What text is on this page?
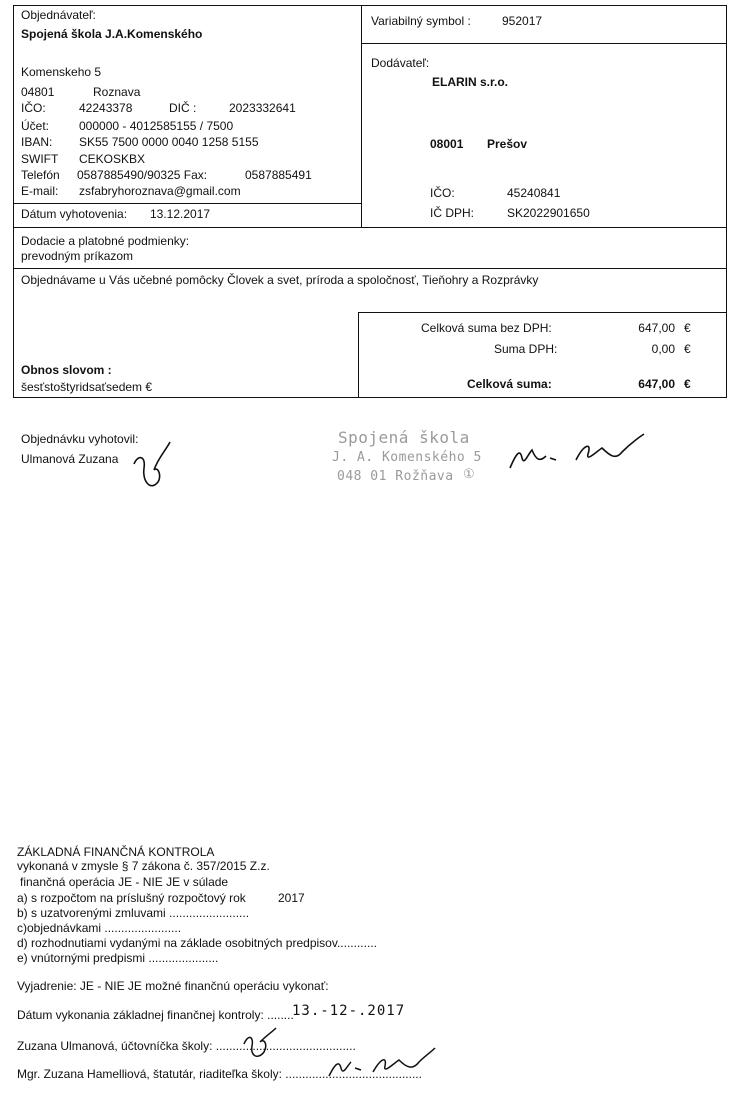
Objednávateľ:
Spojená škola J.A.Komenského
Komenskeho 5
04801	Roznava
IČO:	42243378	DIČ :	2023332641
Účet: 000000 - 4012585155 / 7500
IBAN: SK55 7500 0000 0040 1258 5155
SWIFT CEKOSKBX
Telefón 0587885490/90325 Fax:	0587885491
E-mail: zsfabryhoroznava@gmail.com
Variabilný symbol :	952017
Dodávateľ:
ELARIN s.r.o.
08001 Prešov
IČO:	45240841
IČ DPH:	SK2022901650
Dátum vyhotovenia: 13.12.2017
Dodacie a platobné podmienky:
prevodným príkazom
Objednávame u Vás učebné pomôcky Človek a svet, príroda a spoločnosť, Tieňohry a Rozprávky
Celková suma bez DPH:	647,00 €
Suma DPH:	0,00 €
Celková suma:	647,00 €
Obnos slovom :
šesťstoštyridsaťsedem €
Objednávku vyhotovil:
Ulmanová Zuzana
Spojená škola
J. A. Komenského 5
048 01 Rožňava ①
ZÁKLADNÁ FINANČNÁ KONTROLA
vykonaná v zmysle § 7 zákona č. 357/2015 Z.z.
finančná operácia JE - NIE JE v súlade
a) s rozpočtom na príslušný rozpočtový rok	2017
b) s uzatvorenými zmluvami ........................
c)objednávkami .......................
d) rozhodnutiami vydanými na základe osobitných predpisov............
e) vnútornými predpismi .....................
Vyjadrenie: JE - NIE JE možné finančnú operáciu vykonať:
Dátum vykonania základnej finančnej kontroly: ........
13.-12-.2017
Zuzana Ulmanová, účtovníčka školy: ..........................................
Mgr. Zuzana Hamelliová, štatutár, riaditeľka školy: .........................................
